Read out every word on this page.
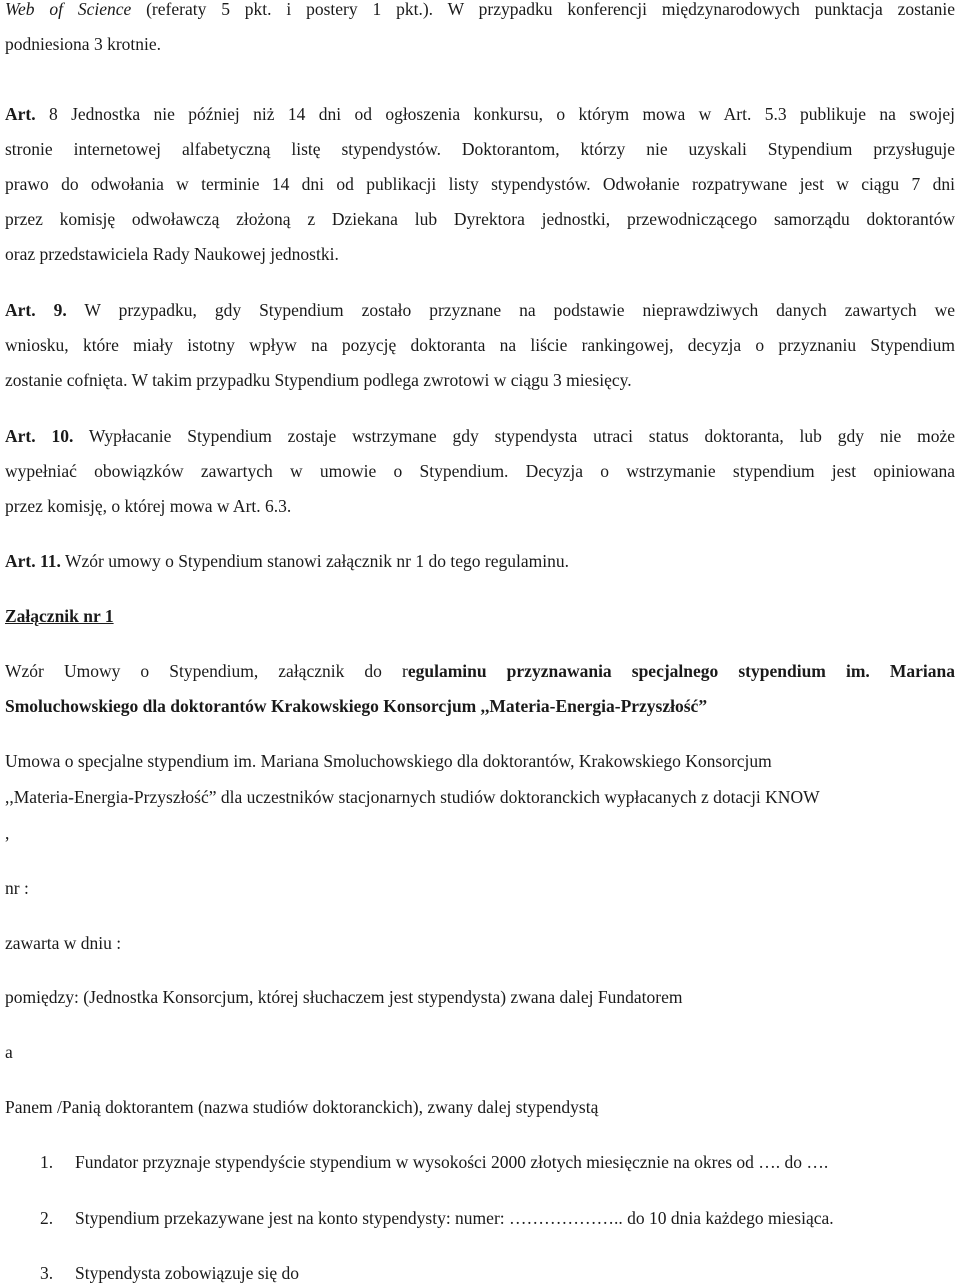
Web of Science (referaty 5 pkt. i postery 1 pkt.). W przypadku konferencji międzynarodowych punktacja zostanie
podniesiona 3 krotnie.
Art. 8 Jednostka nie później niż 14 dni od ogłoszenia konkursu, o którym mowa w Art. 5.3 publikuje na swojej
stronie internetowej alfabetyczną listę stypendystów. Doktorantom, którzy nie uzyskali Stypendium przysługuje
prawo do odwołania w terminie 14 dni od publikacji listy stypendystów. Odwołanie rozpatrywane jest w ciągu 7 dni
przez komisję odwoławczą złożoną z Dziekana lub Dyrektora jednostki, przewodniczącego samorządu doktorantów
oraz przedstawiciela Rady Naukowej jednostki.
Art. 9. W przypadku, gdy Stypendium zostało przyznane na podstawie nieprawdziwych danych zawartych we
wniosku, które miały istotny wpływ na pozycję doktoranta na liście rankingowej, decyzja o przyznaniu Stypendium
zostanie cofnięta. W takim przypadku Stypendium podlega zwrotowi w ciągu 3 miesięcy.
Art. 10. Wypłacanie Stypendium zostaje wstrzymane gdy stypendysta utraci status doktoranta, lub gdy nie może
wypełniać obowiązków zawartych w umowie o Stypendium. Decyzja o wstrzymanie stypendium jest opiniowana
przez komisję, o której mowa w Art. 6.3.
Art. 11. Wzór umowy o Stypendium stanowi załącznik nr 1 do tego regulaminu.
Załącznik nr 1
Wzór Umowy o Stypendium, załącznik do regulaminu przyznawania specjalnego stypendium im. Mariana
Smoluchowskiego dla doktorantów Krakowskiego Konsorcjum ,,Materia-Energia-Przyszłość”
Umowa o specjalne stypendium im. Mariana Smoluchowskiego dla doktorantów, Krakowskiego Konsorcjum
,,Materia-Energia-Przyszłość” dla uczestników stacjonarnych studiów doktoranckich wypłacanych z dotacji KNOW
,
nr :
zawarta w dniu :
pomiędzy: (Jednostka Konsorcjum, której słuchaczem jest stypendysta) zwana dalej Fundatorem
a
Panem /Panią doktorantem (nazwa studiów doktoranckich), zwany dalej stypendystą
1. Fundator przyznaje stypendyście stypendium w wysokości 2000 złotych miesięcznie na okres od …. do ….
2. Stypendium przekazywane jest na konto stypendysty: numer: ……………….. do 10 dnia każdego miesiąca.
3. Stypendysta zobowiązuje się do
